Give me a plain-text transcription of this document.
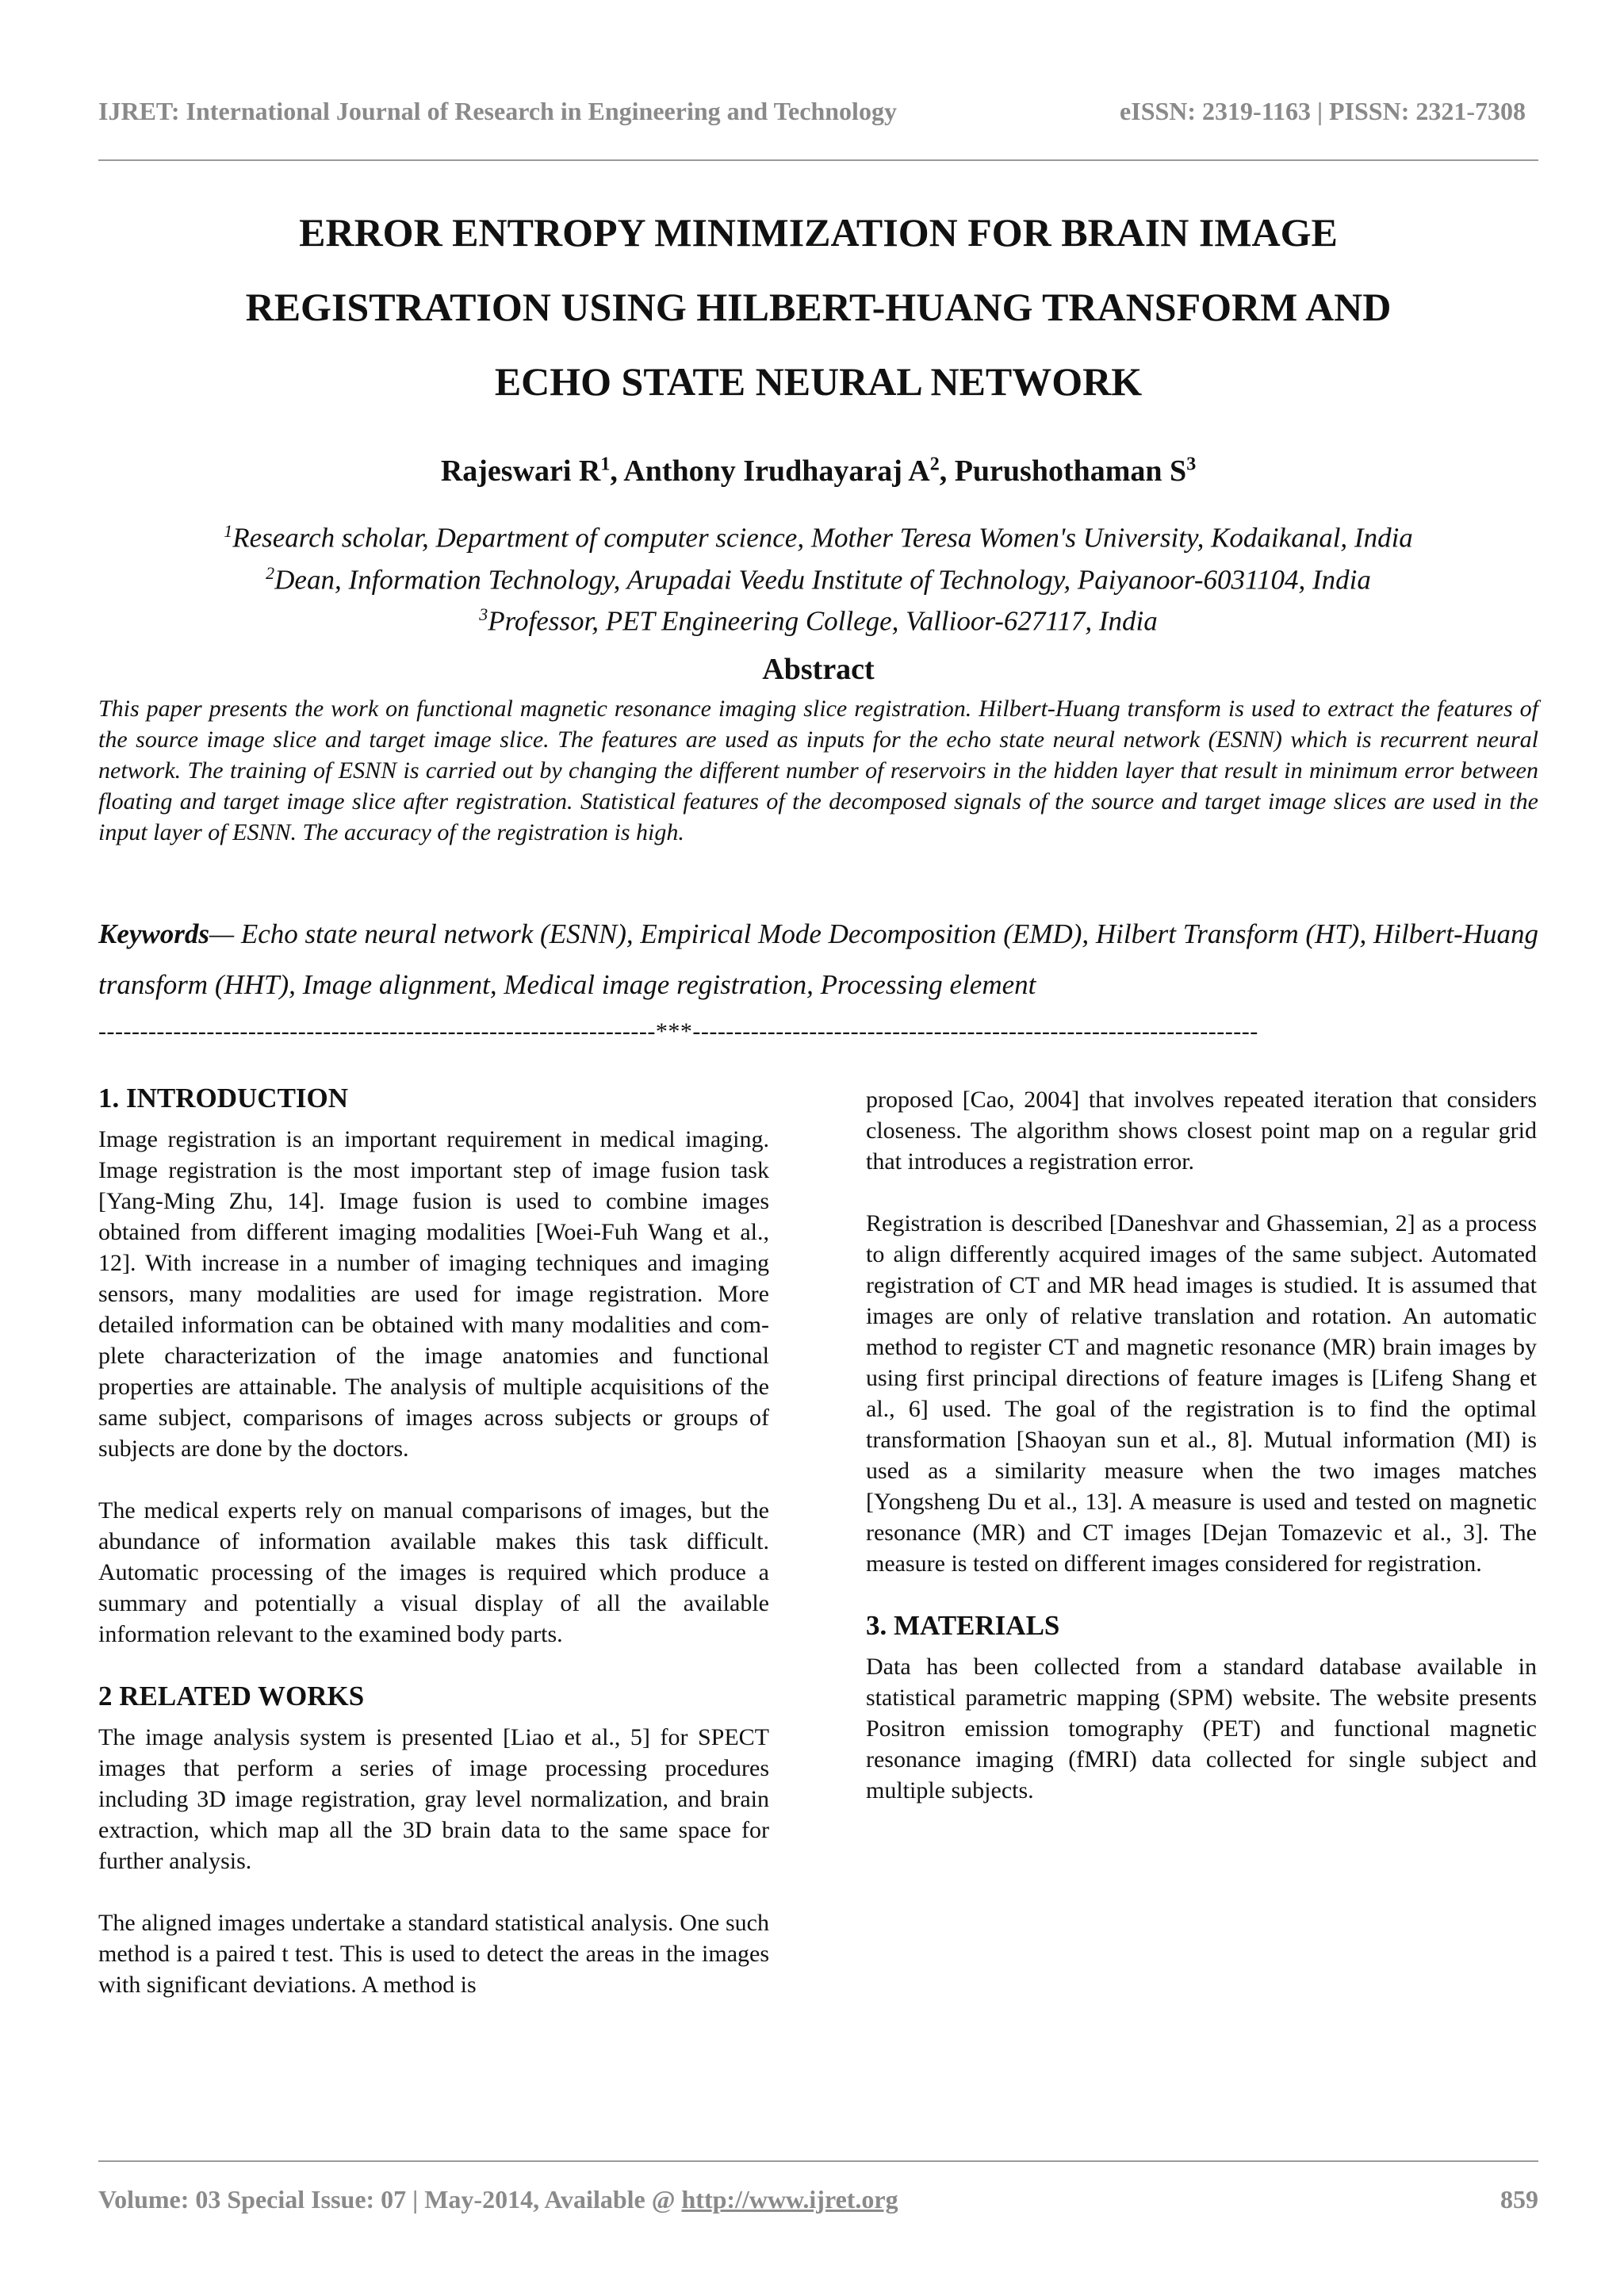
IJRET: International Journal of Research in Engineering and Technology	eISSN: 2319-1163 | PISSN: 2321-7308
ERROR ENTROPY MINIMIZATION FOR BRAIN IMAGE
REGISTRATION USING HILBERT-HUANG TRANSFORM AND
ECHO STATE NEURAL NETWORK
Rajeswari $R^1$, Anthony Irudhayaraj $A^2$, Purushothaman $S^3$
$^1$Research scholar, Department of computer science, Mother Teresa Women's University, Kodaikanal, India
$^2$Dean, Information Technology, Arupadai Veedu Institute of Technology, Paiyanoor-6031104, India
$^3$Professor, PET Engineering College, Vallioor-627117, India
Abstract
This paper presents the work on functional magnetic resonance imaging slice registration. Hilbert-Huang transform is used to extract the features of the source image slice and target image slice. The features are used as inputs for the echo state neural network (ESNN) which is recurrent neural network. The training of ESNN is carried out by changing the different number of reservoirs in the hidden layer that result in minimum error between floating and target image slice after registration. Statistical features of the decomposed signals of the source and target image slices are used in the input layer of ESNN. The accuracy of the registration is high.
Keywords— Echo state neural network (ESNN), Empirical Mode Decomposition (EMD), Hilbert Transform (HT), Hilbert-Huang transform (HHT), Image alignment, Medical image registration, Processing element
-------------------------------------------------------------------***--------------------------------------------------------------------
1. INTRODUCTION

Image registration is an important requirement in medical imaging. Image registration is the most important step of image fusion task [Yang-Ming Zhu, 14]. Image fusion is used to combine images obtained from different imaging modalities [Woei-Fuh Wang et al., 12]. With increase in a number of imaging techniques and imaging sensors, many modalities are used for image registration. More detailed information can be obtained with many modalities and complete characterization of the image anatomies and functional properties are attainable. The analysis of multiple acquisitions of the same subject, comparisons of images across subjects or groups of subjects are done by the doctors.

The medical experts rely on manual comparisons of images, but the abundance of information available makes this task difficult. Automatic processing of the images is required which produce a summary and potentially a visual display of all the available information relevant to the examined body parts.

2 RELATED WORKS

The image analysis system is presented [Liao et al., 5] for SPECT images that perform a series of image processing procedures including 3D image registration, gray level normalization, and brain extraction, which map all the 3D brain data to the same space for further analysis.

The aligned images undertake a standard statistical analysis. One such method is a paired t test. This is used to detect the areas in the images with significant deviations. A method is

proposed [Cao, 2004] that involves repeated iteration that considers closeness. The algorithm shows closest point map on a regular grid that introduces a registration error.

Registration is described [Daneshvar and Ghassemian, 2] as a process to align differently acquired images of the same subject. Automated registration of CT and MR head images is studied. It is assumed that images are only of relative translation and rotation. An automatic method to register CT and magnetic resonance (MR) brain images by using first principal directions of feature images is [Lifeng Shang et al., 6] used. The goal of the registration is to find the optimal transformation [Shaoyan sun et al., 8]. Mutual information (MI) is used as a similarity measure when the two images matches [Yongsheng Du et al., 13]. A measure is used and tested on magnetic resonance (MR) and CT images [Dejan Tomazevic et al., 3]. The measure is tested on different images considered for registration.

3. MATERIALS

Data has been collected from a standard database available in statistical parametric mapping (SPM) website. The website presents Positron emission tomography (PET) and functional magnetic resonance imaging (fMRI) data collected for single subject and multiple subjects.

Volume: 03 Special Issue: 07 | May-2014, Available @ http://www.ijret.org	859
